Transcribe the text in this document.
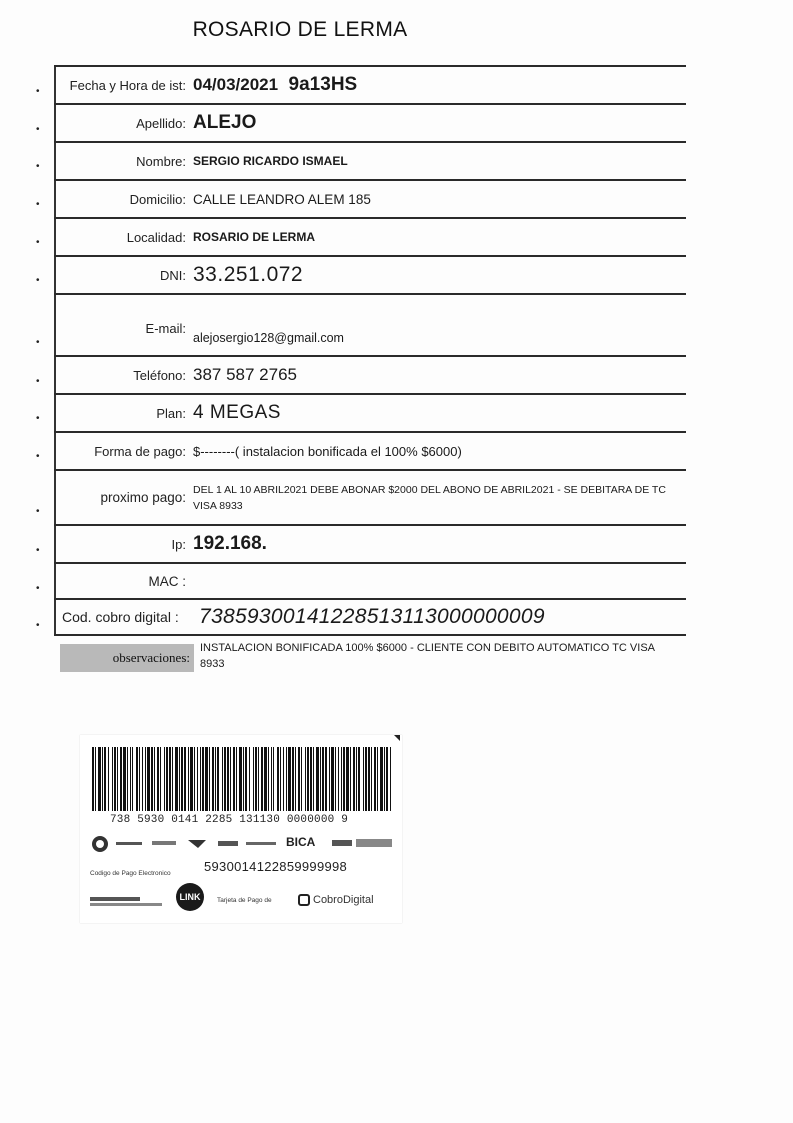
ROSARIO DE LERMA
•
•
•
•
•
•
•
•
•
•
•
•
•
•
Fecha y Hora de ist: 04/03/2021 9a13HS
Apellido: ALEJO
Nombre: SERGIO RICARDO ISMAEL
Domicilio: CALLE LEANDRO ALEM 185
Localidad: ROSARIO DE LERMA
DNI: 33.251.072
E-mail:
alejosergio128@gmail.com
Teléfono: 387 587 2765
Plan: 4 MEGAS
Forma de pago: $--------( instalacion bonificada el 100% $6000)
proximo pago:
DEL 1 AL 10 ABRIL2021 DEBE ABONAR $2000 DEL ABONO DE ABRIL2021 - SE DEBITARA DE TC VISA 8933
Ip: 192.168.
MAC :
Cod. cobro digital : 73859300141228513113000000009
observaciones:
INSTALACION BONIFICADA 100% $6000 - CLIENTE CON DEBITO AUTOMATICO TC VISA 8933
738 5930 0141 2285 131130 0000000 9
BICA
Codigo de Pago Electronico	5930014122859999998
LINK	Tarjeta de Pago de	CobroDigital
